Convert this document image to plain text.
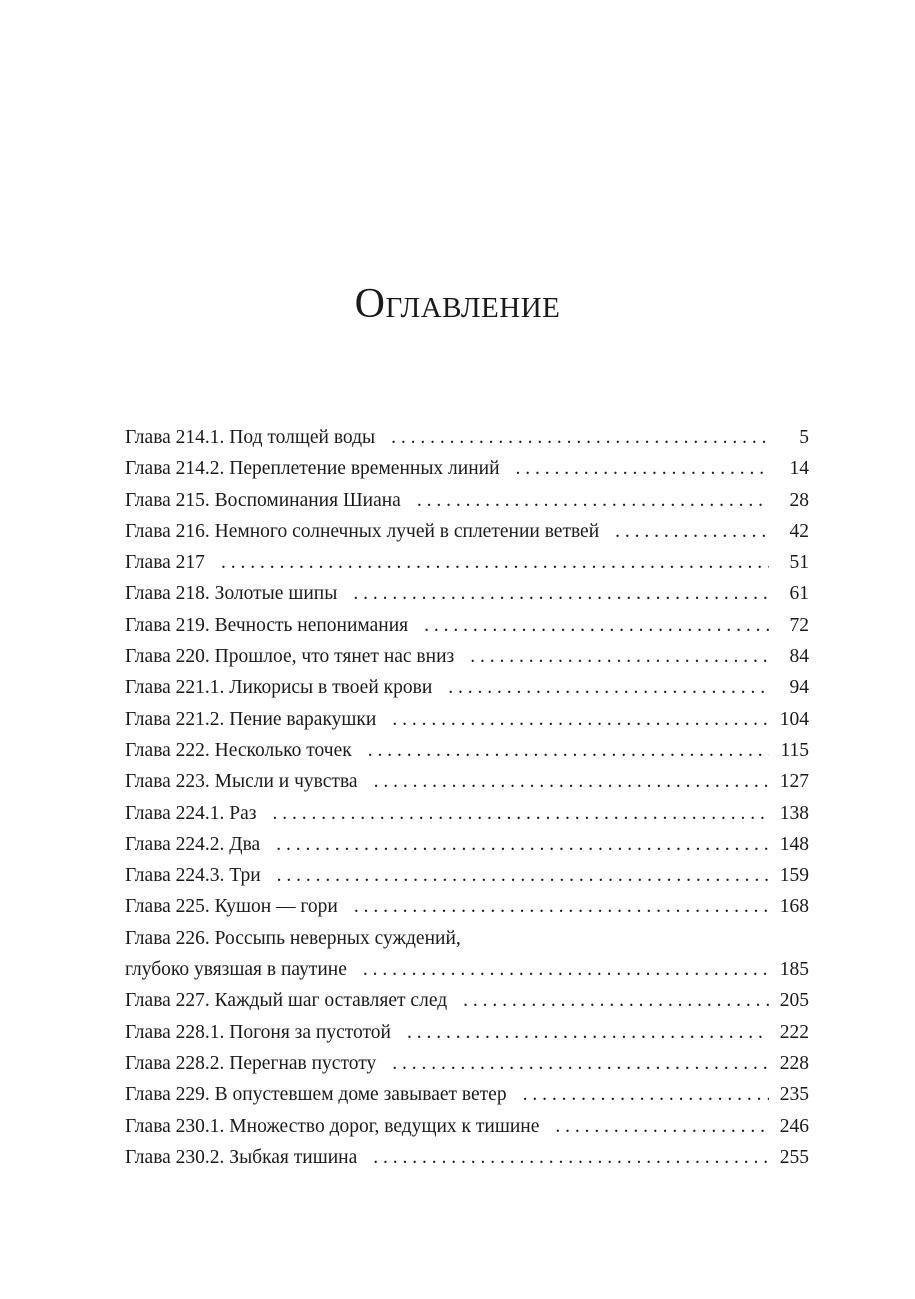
Оглавление
Глава 214.1. Под толщей воды . . .	5
Глава 214.2. Переплетение временных линий . . .	14
Глава 215. Воспоминания Шиана . . .	28
Глава 216. Немного солнечных лучей в сплетении ветвей . . .	42
Глава 217 . . .	51
Глава 218. Золотые шипы . . .	61
Глава 219. Вечность непонимания . . .	72
Глава 220. Прошлое, что тянет нас вниз . . .	84
Глава 221.1. Ликорисы в твоей крови . . .	94
Глава 221.2. Пение варакушки . . .	104
Глава 222. Несколько точек . . .	115
Глава 223. Мысли и чувства . . .	127
Глава 224.1. Раз . . .	138
Глава 224.2. Два . . .	148
Глава 224.3. Три . . .	159
Глава 225. Кушон — гори . . .	168
Глава 226. Россыпь неверных суждений,
глубоко увязшая в паутине . . .	185
Глава 227. Каждый шаг оставляет след . . .	205
Глава 228.1. Погоня за пустотой . . .	222
Глава 228.2. Перегнав пустоту . . .	228
Глава 229. В опустевшем доме завывает ветер . . .	235
Глава 230.1. Множество дорог, ведущих к тишине . . .	246
Глава 230.2. Зыбкая тишина . . .	255
